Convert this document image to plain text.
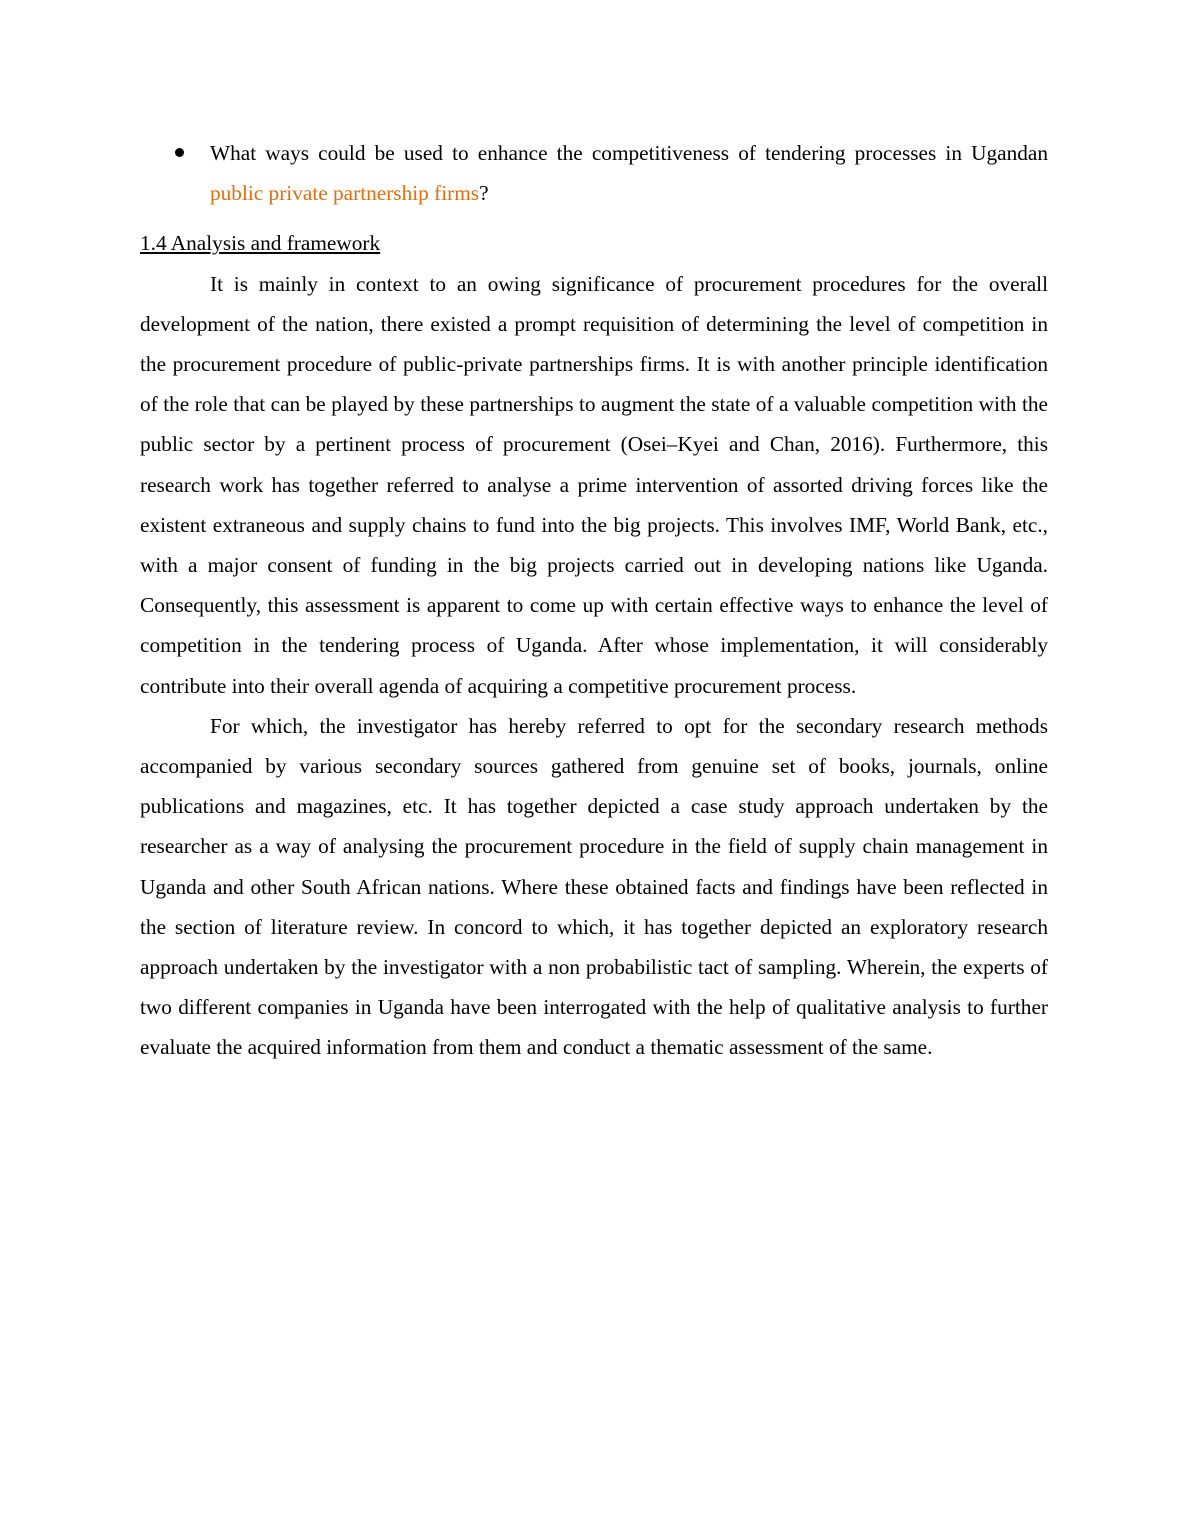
What ways could be used to enhance the competitiveness of tendering processes in Ugandan public private partnership firms?
1.4 Analysis and framework

It is mainly in context to an owing significance of procurement procedures for the overall development of the nation, there existed a prompt requisition of determining the level of competition in the procurement procedure of public-private partnerships firms. It is with another principle identification of the role that can be played by these partnerships to augment the state of a valuable competition with the public sector by a pertinent process of procurement (Osei–Kyei and Chan, 2016). Furthermore, this research work has together referred to analyse a prime intervention of assorted driving forces like the existent extraneous and supply chains to fund into the big projects. This involves IMF, World Bank, etc., with a major consent of funding in the big projects carried out in developing nations like Uganda. Consequently, this assessment is apparent to come up with certain effective ways to enhance the level of competition in the tendering process of Uganda. After whose implementation, it will considerably contribute into their overall agenda of acquiring a competitive procurement process.

For which, the investigator has hereby referred to opt for the secondary research methods accompanied by various secondary sources gathered from genuine set of books, journals, online publications and magazines, etc. It has together depicted a case study approach undertaken by the researcher as a way of analysing the procurement procedure in the field of supply chain management in Uganda and other South African nations. Where these obtained facts and findings have been reflected in the section of literature review. In concord to which, it has together depicted an exploratory research approach undertaken by the investigator with a non probabilistic tact of sampling. Wherein, the experts of two different companies in Uganda have been interrogated with the help of qualitative analysis to further evaluate the acquired information from them and conduct a thematic assessment of the same.
